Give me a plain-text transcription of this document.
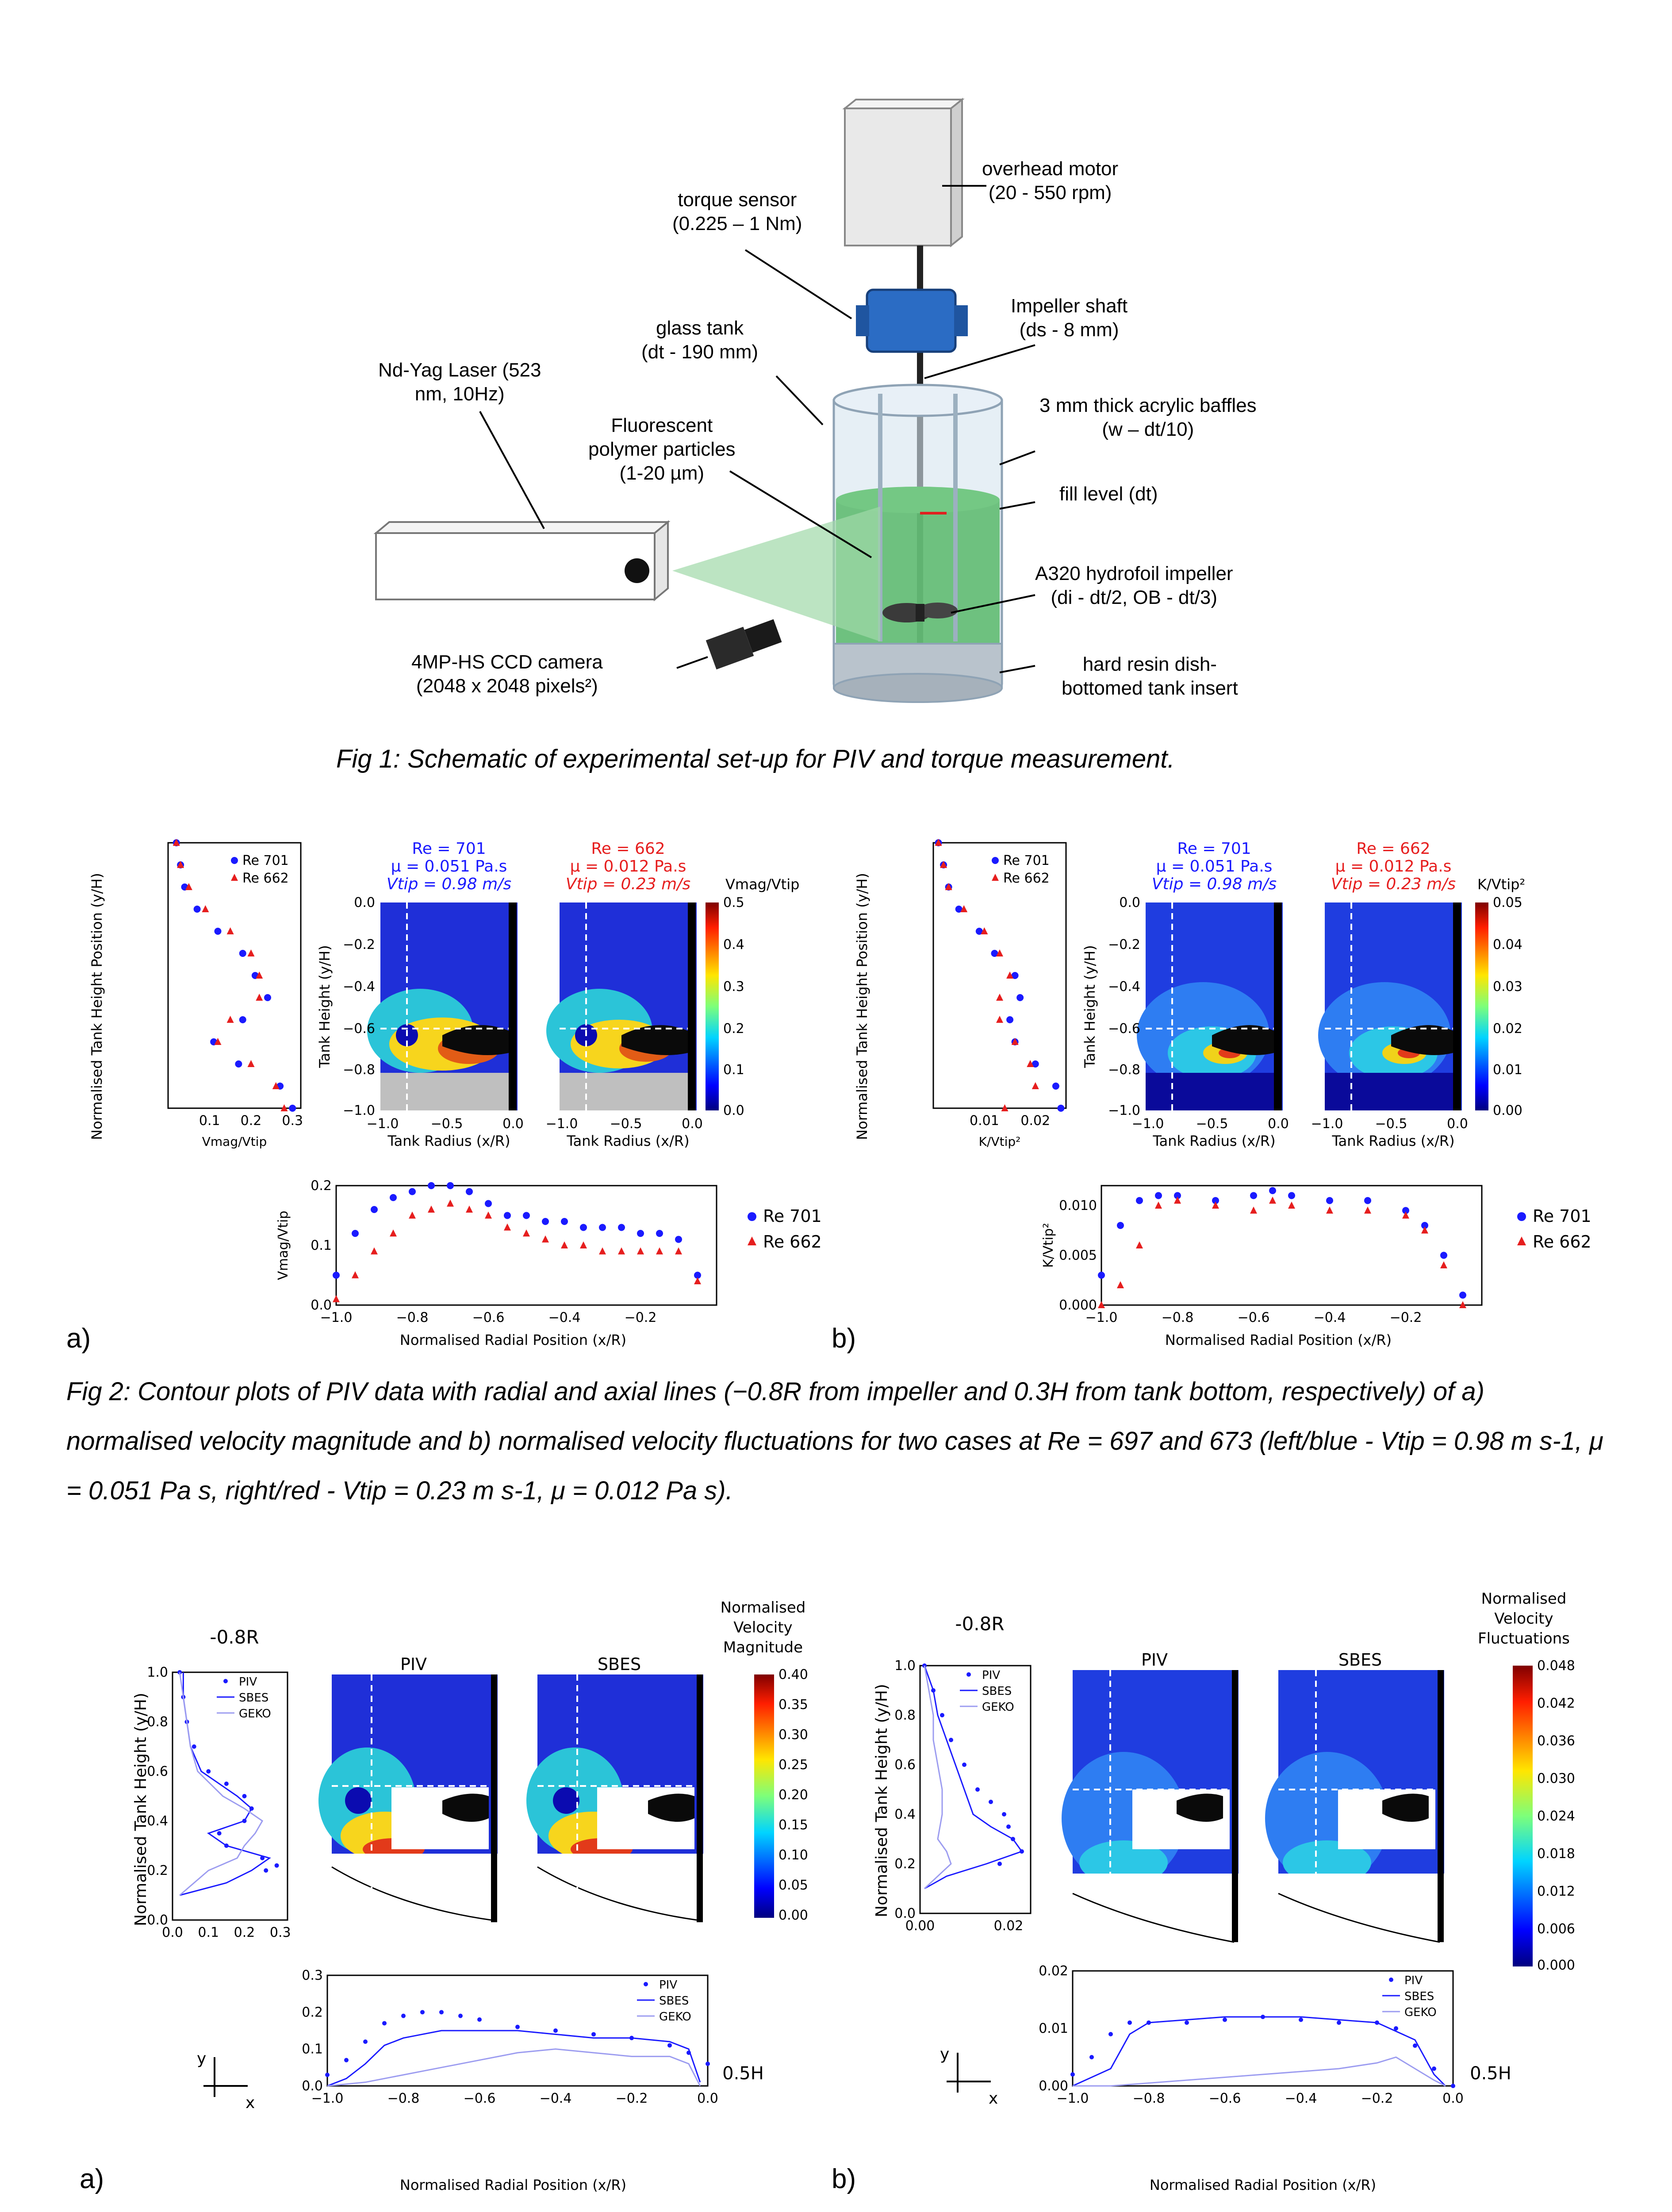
overhead motor
(20 - 550 rpm)
torque sensor
(0.225 – 1 Nm)
Impeller shaft
(ds - 8 mm)
glass tank
(dt - 190 mm)
Nd-Yag Laser (523
nm, 10Hz)
3 mm thick acrylic baffles
(w – dt/10)
Fluorescent
polymer particles
(1-20 µm)
fill level (dt)
A320 hydrofoil impeller
(di - dt/2, OB - dt/3)
4MP-HS CCD camera
(2048 x 2048 pixels²)
hard resin dish-
bottomed tank insert
Fig 1: Schematic of experimental set-up for PIV and torque measurement.
0.0
−0.2
−0.4
−0.6
−0.8
−1.0
0.0
−0.2
−0.4
−0.6
−0.8
−1.0
−1.0 −0.5	0.0 −1.0 −0.5	0.0	−1.0 −0.5	0.0 −1.0 −0.5	0.0
0.5
0.4
0.3
0.2
0.1
0.0
0.05
0.04
0.03
0.02
0.01
0.00
Tank Radius (x/R)	Tank Radius (x/R)	Tank Radius (x/R)	Tank Radius (x/R)
Tank Height (y/H)	Tank Height (y/H)
Normalised Tank Height Position (y/H)	Normalised Tank Height Position (y/H)
Normalised Radial Position (x/R)	Normalised Radial Position (x/R)
Vmag/Vtip	K/Vtip²
Re = 701
μ = 0.051 Pa.s
Vtip = 0.98 m/s
Re = 662
μ = 0.012 Pa.s
Vtip = 0.23 m/s
Re = 701
μ = 0.051 Pa.s
Vtip = 0.98 m/s
Re = 662
μ = 0.012 Pa.s
Vtip = 0.23 m/s
Re 701
Re 662
Re 701
Re 662
Re 701
Re 662
Re 701
Re 662
0.1 0.2 0.3
Vmag/Vtip
−1.0	−0.8	−0.6	−0.4	−0.2
0.0
0.1
0.2
Vmag/Vtip
0.01 0.02
K/Vtip²
−1.0	−0.8	−0.6	−0.4	−0.2
0.000
0.005
0.010
K/Vtip²
a)	b)
Fig 2: Contour plots of PIV data with radial and axial lines (−0.8R from impeller and 0.3H from tank bottom, respectively) of a) normalised velocity magnitude and b) normalised velocity fluctuations for two cases at Re = 697 and 673 (left/blue - Vtip = 0.98 m s-1, μ = 0.051 Pa s, right/red - Vtip = 0.23 m s-1, μ = 0.012 Pa s).
0.40
0.35
0.30
0.25
0.20
0.15
0.10
0.05
0.00
0.048
0.042
0.036
0.030
0.024
0.018
0.012
0.006
0.000
Normalised
Velocity
Magnitude
Normalised
Velocity
Fluctuations
PIV	SBES	PIV	SBES
-0.8R
-0.8R
0.5H	0.5H
Normalised Radial Position (x/R)	Normalised Radial Position (x/R)
Normalised Tank Height (y/H)	Normalised Tank Height (y/H)
y
x
y
x
0.0 0.1 0.2 0.3
0.0
0.2
0.4
0.6
0.8
1.0
PIV
SBES
GEKO
−1.0	−0.8	−0.6	−0.4	−0.2	0.0
0.0
0.1
0.2
0.3
PIV
SBES
GEKO
0.00	0.02
0.0
0.2
0.4
0.6
0.8
1.0
PIV
SBES
GEKO
−1.0	−0.8	−0.6	−0.4	−0.2	0.0
0.00
0.01
0.02
PIV
SBES
GEKO
a)	b)
